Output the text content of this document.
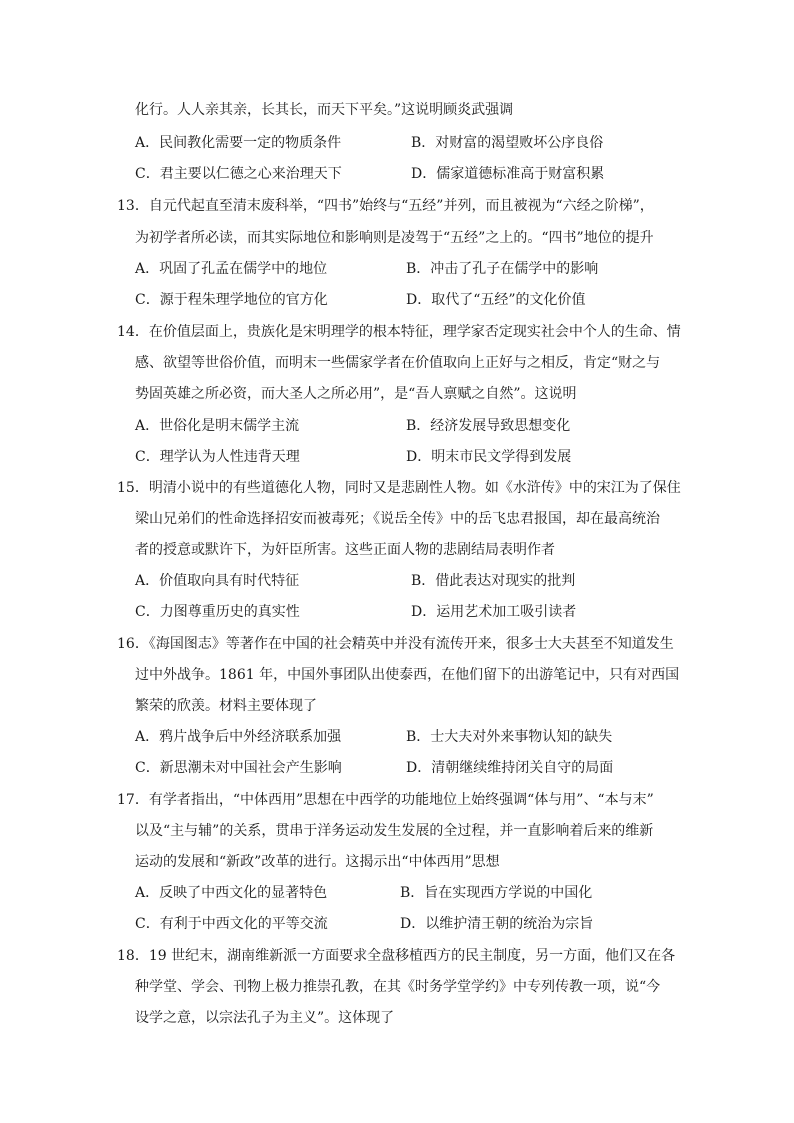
化行。人人亲其亲，长其长，而天下平矣。”这说明顾炎武强调
A．民间教化需要一定的物质条件	B．对财富的渴望败坏公序良俗
C．君主要以仁德之心来治理天下	D．儒家道德标准高于财富积累
13．自元代起直至清末废科举，“四书”始终与“五经”并列，而且被视为“六经之阶梯”，
为初学者所必读，而其实际地位和影响则是凌驾于“五经”之上的。“四书”地位的提升
A．巩固了孔孟在儒学中的地位	B．冲击了孔子在儒学中的影响
C．源于程朱理学地位的官方化	D．取代了“五经”的文化价值
14．在价值层面上，贵族化是宋明理学的根本特征，理学家否定现实社会中个人的生命、情
感、欲望等世俗价值，而明末一些儒家学者在价值取向上正好与之相反，肯定“财之与
势固英雄之所必资，而大圣人之所必用”，是“吾人禀赋之自然”。这说明
A．世俗化是明末儒学主流	B．经济发展导致思想变化
C．理学认为人性违背天理	D．明末市民文学得到发展
15．明清小说中的有些道德化人物，同时又是悲剧性人物。如《水浒传》中的宋江为了保住
梁山兄弟们的性命选择招安而被毒死；《说岳全传》中的岳飞忠君报国，却在最高统治
者的授意或默许下，为奸臣所害。这些正面人物的悲剧结局表明作者
A．价值取向具有时代特征	B．借此表达对现实的批判
C．力图尊重历史的真实性	D．运用艺术加工吸引读者
16．《海国图志》等著作在中国的社会精英中并没有流传开来，很多士大夫甚至不知道发生
过中外战争。1861 年，中国外事团队出使泰西，在他们留下的出游笔记中，只有对西国
繁荣的欣羡。材料主要体现了
A．鸦片战争后中外经济联系加强	B．士大夫对外来事物认知的缺失
C．新思潮未对中国社会产生影响	D．清朝继续维持闭关自守的局面
17．有学者指出，“中体西用”思想在中西学的功能地位上始终强调“体与用”、“本与末”
以及“主与辅”的关系，贯串于洋务运动发生发展的全过程，并一直影响着后来的维新
运动的发展和“新政”改革的进行。这揭示出“中体西用”思想
A．反映了中西文化的显著特色	B．旨在实现西方学说的中国化
C．有利于中西文化的平等交流	D．以维护清王朝的统治为宗旨
18．19 世纪末，湖南维新派一方面要求全盘移植西方的民主制度，另一方面，他们又在各
种学堂、学会、刊物上极力推崇孔教，在其《时务学堂学约》中专列传教一项，说“今
设学之意，以宗法孔子为主义”。这体现了
